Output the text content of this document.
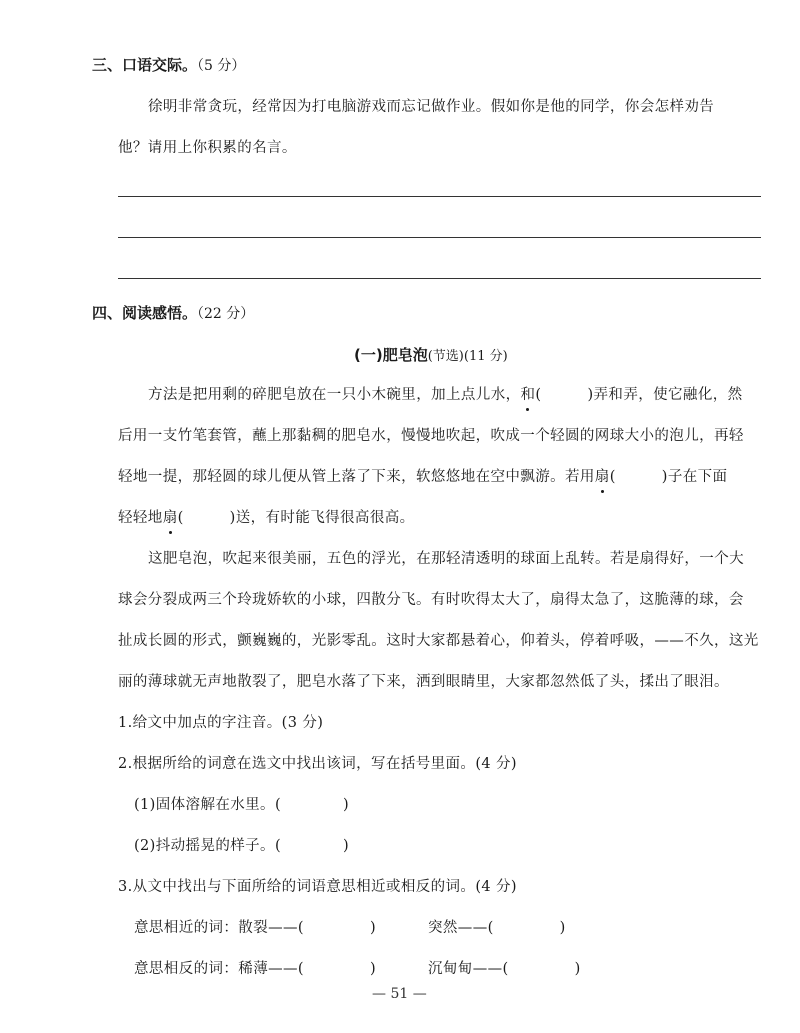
三、口语交际。（5 分）
徐明非常贪玩，经常因为打电脑游戏而忘记做作业。假如你是他的同学，你会怎样劝告
他？请用上你积累的名言。
四、阅读感悟。（22 分）
(一)肥皂泡(节选)(11 分)
方法是把用剩的碎肥皂放在一只小木碗里，加上点儿水，和(	)弄和弄，使它融化，然
后用一支竹笔套管，蘸上那黏稠的肥皂水，慢慢地吹起，吹成一个轻圆的网球大小的泡儿，再轻
轻地一提，那轻圆的球儿便从管上落了下来，软悠悠地在空中飘游。若用扇(	)子在下面
轻轻地扇(	)送，有时能飞得很高很高。
这肥皂泡，吹起来很美丽，五色的浮光，在那轻清透明的球面上乱转。若是扇得好，一个大
球会分裂成两三个玲珑娇软的小球，四散分飞。有时吹得太大了，扇得太急了，这脆薄的球，会
扯成长圆的形式，颤巍巍的，光影零乱。这时大家都悬着心，仰着头，停着呼吸，——不久，这光
丽的薄球就无声地散裂了，肥皂水落了下来，洒到眼睛里，大家都忽然低了头，揉出了眼泪。
1.给文中加点的字注音。(3 分)
2.根据所给的词意在选文中找出该词，写在括号里面。(4 分)
(1)固体溶解在水里。(	)
(2)抖动摇晃的样子。(	)
3.从文中找出与下面所给的词语意思相近或相反的词。(4 分)
意思相近的词：散裂——(	)	突然——(	)
意思相反的词：稀薄——(	)	沉甸甸——(	)
— 51 —
